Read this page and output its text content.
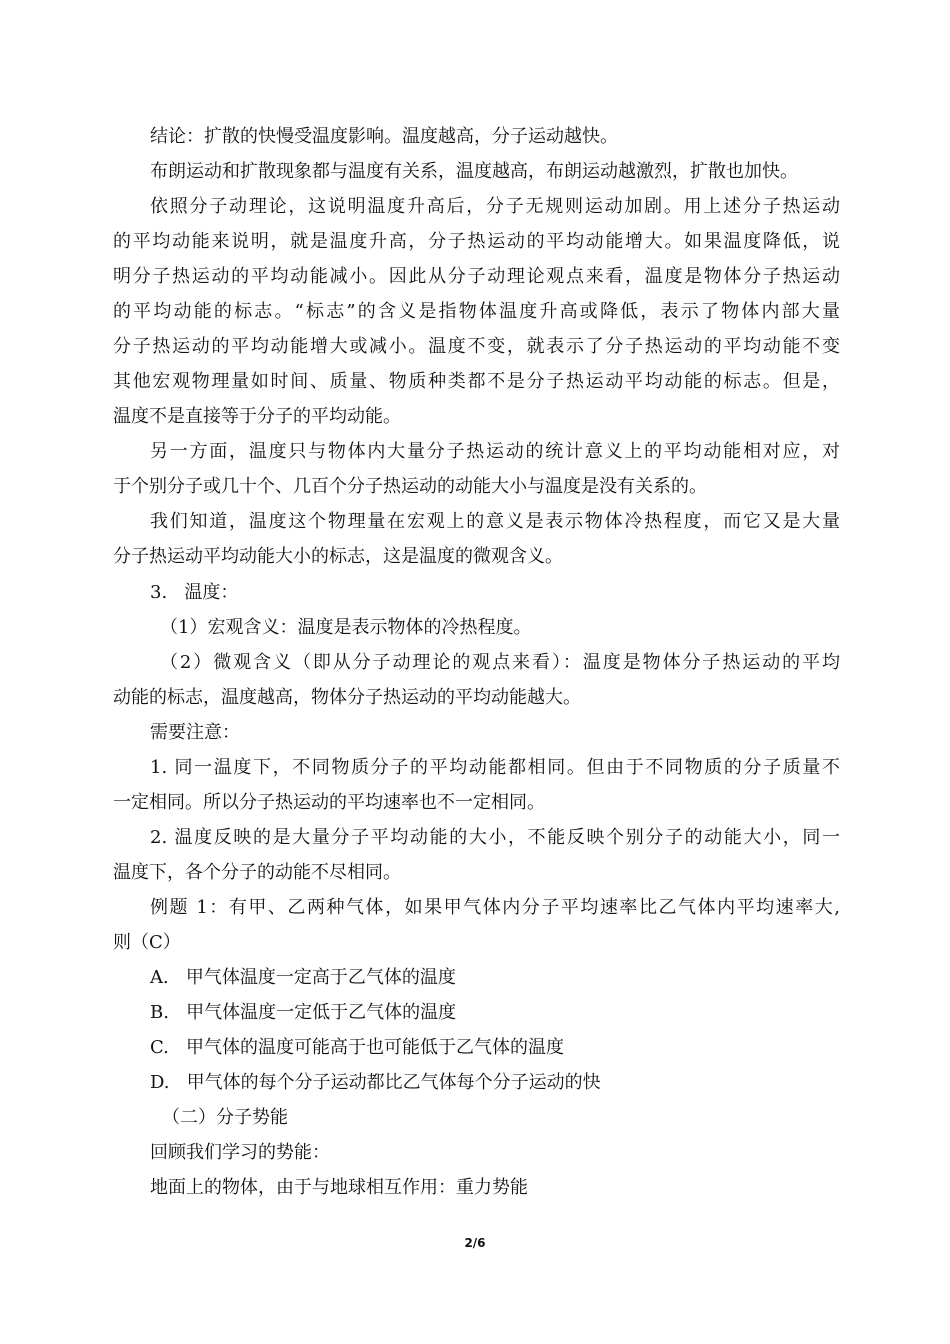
结论：扩散的快慢受温度影响。温度越高，分子运动越快。
布朗运动和扩散现象都与温度有关系，温度越高，布朗运动越激烈，扩散也加快。
依照分子动理论，这说明温度升高后，分子无规则运动加剧。用上述分子热运动
的平均动能来说明，就是温度升高，分子热运动的平均动能增大。如果温度降低，说
明分子热运动的平均动能减小。因此从分子动理论观点来看，温度是物体分子热运动
的平均动能的标志。“标志”的含义是指物体温度升高或降低，表示了物体内部大量
分子热运动的平均动能增大或减小。温度不变，就表示了分子热运动的平均动能不变
其他宏观物理量如时间、质量、物质种类都不是分子热运动平均动能的标志。但是，
温度不是直接等于分子的平均动能。
另一方面，温度只与物体内大量分子热运动的统计意义上的平均动能相对应，对
于个别分子或几十个、几百个分子热运动的动能大小与温度是没有关系的。
我们知道，温度这个物理量在宏观上的意义是表示物体冷热程度，而它又是大量
分子热运动平均动能大小的标志，这是温度的微观含义。
3.   温度：
（1）宏观含义：温度是表示物体的冷热程度。
（2）微观含义（即从分子动理论的观点来看）：温度是物体分子热运动的平均
动能的标志，温度越高，物体分子热运动的平均动能越大。
需要注意：
1. 同一温度下，不同物质分子的平均动能都相同。但由于不同物质的分子质量不
一定相同。所以分子热运动的平均速率也不一定相同。
2. 温度反映的是大量分子平均动能的大小，不能反映个别分子的动能大小，同一
温度下，各个分子的动能不尽相同。
例题 1：有甲、乙两种气体，如果甲气体内分子平均速率比乙气体内平均速率大,
则（C）
A.   甲气体温度一定高于乙气体的温度
B.   甲气体温度一定低于乙气体的温度
C.   甲气体的温度可能高于也可能低于乙气体的温度
D.   甲气体的每个分子运动都比乙气体每个分子运动的快
（二）分子势能
回顾我们学习的势能：
地面上的物体，由于与地球相互作用：重力势能
2/6
